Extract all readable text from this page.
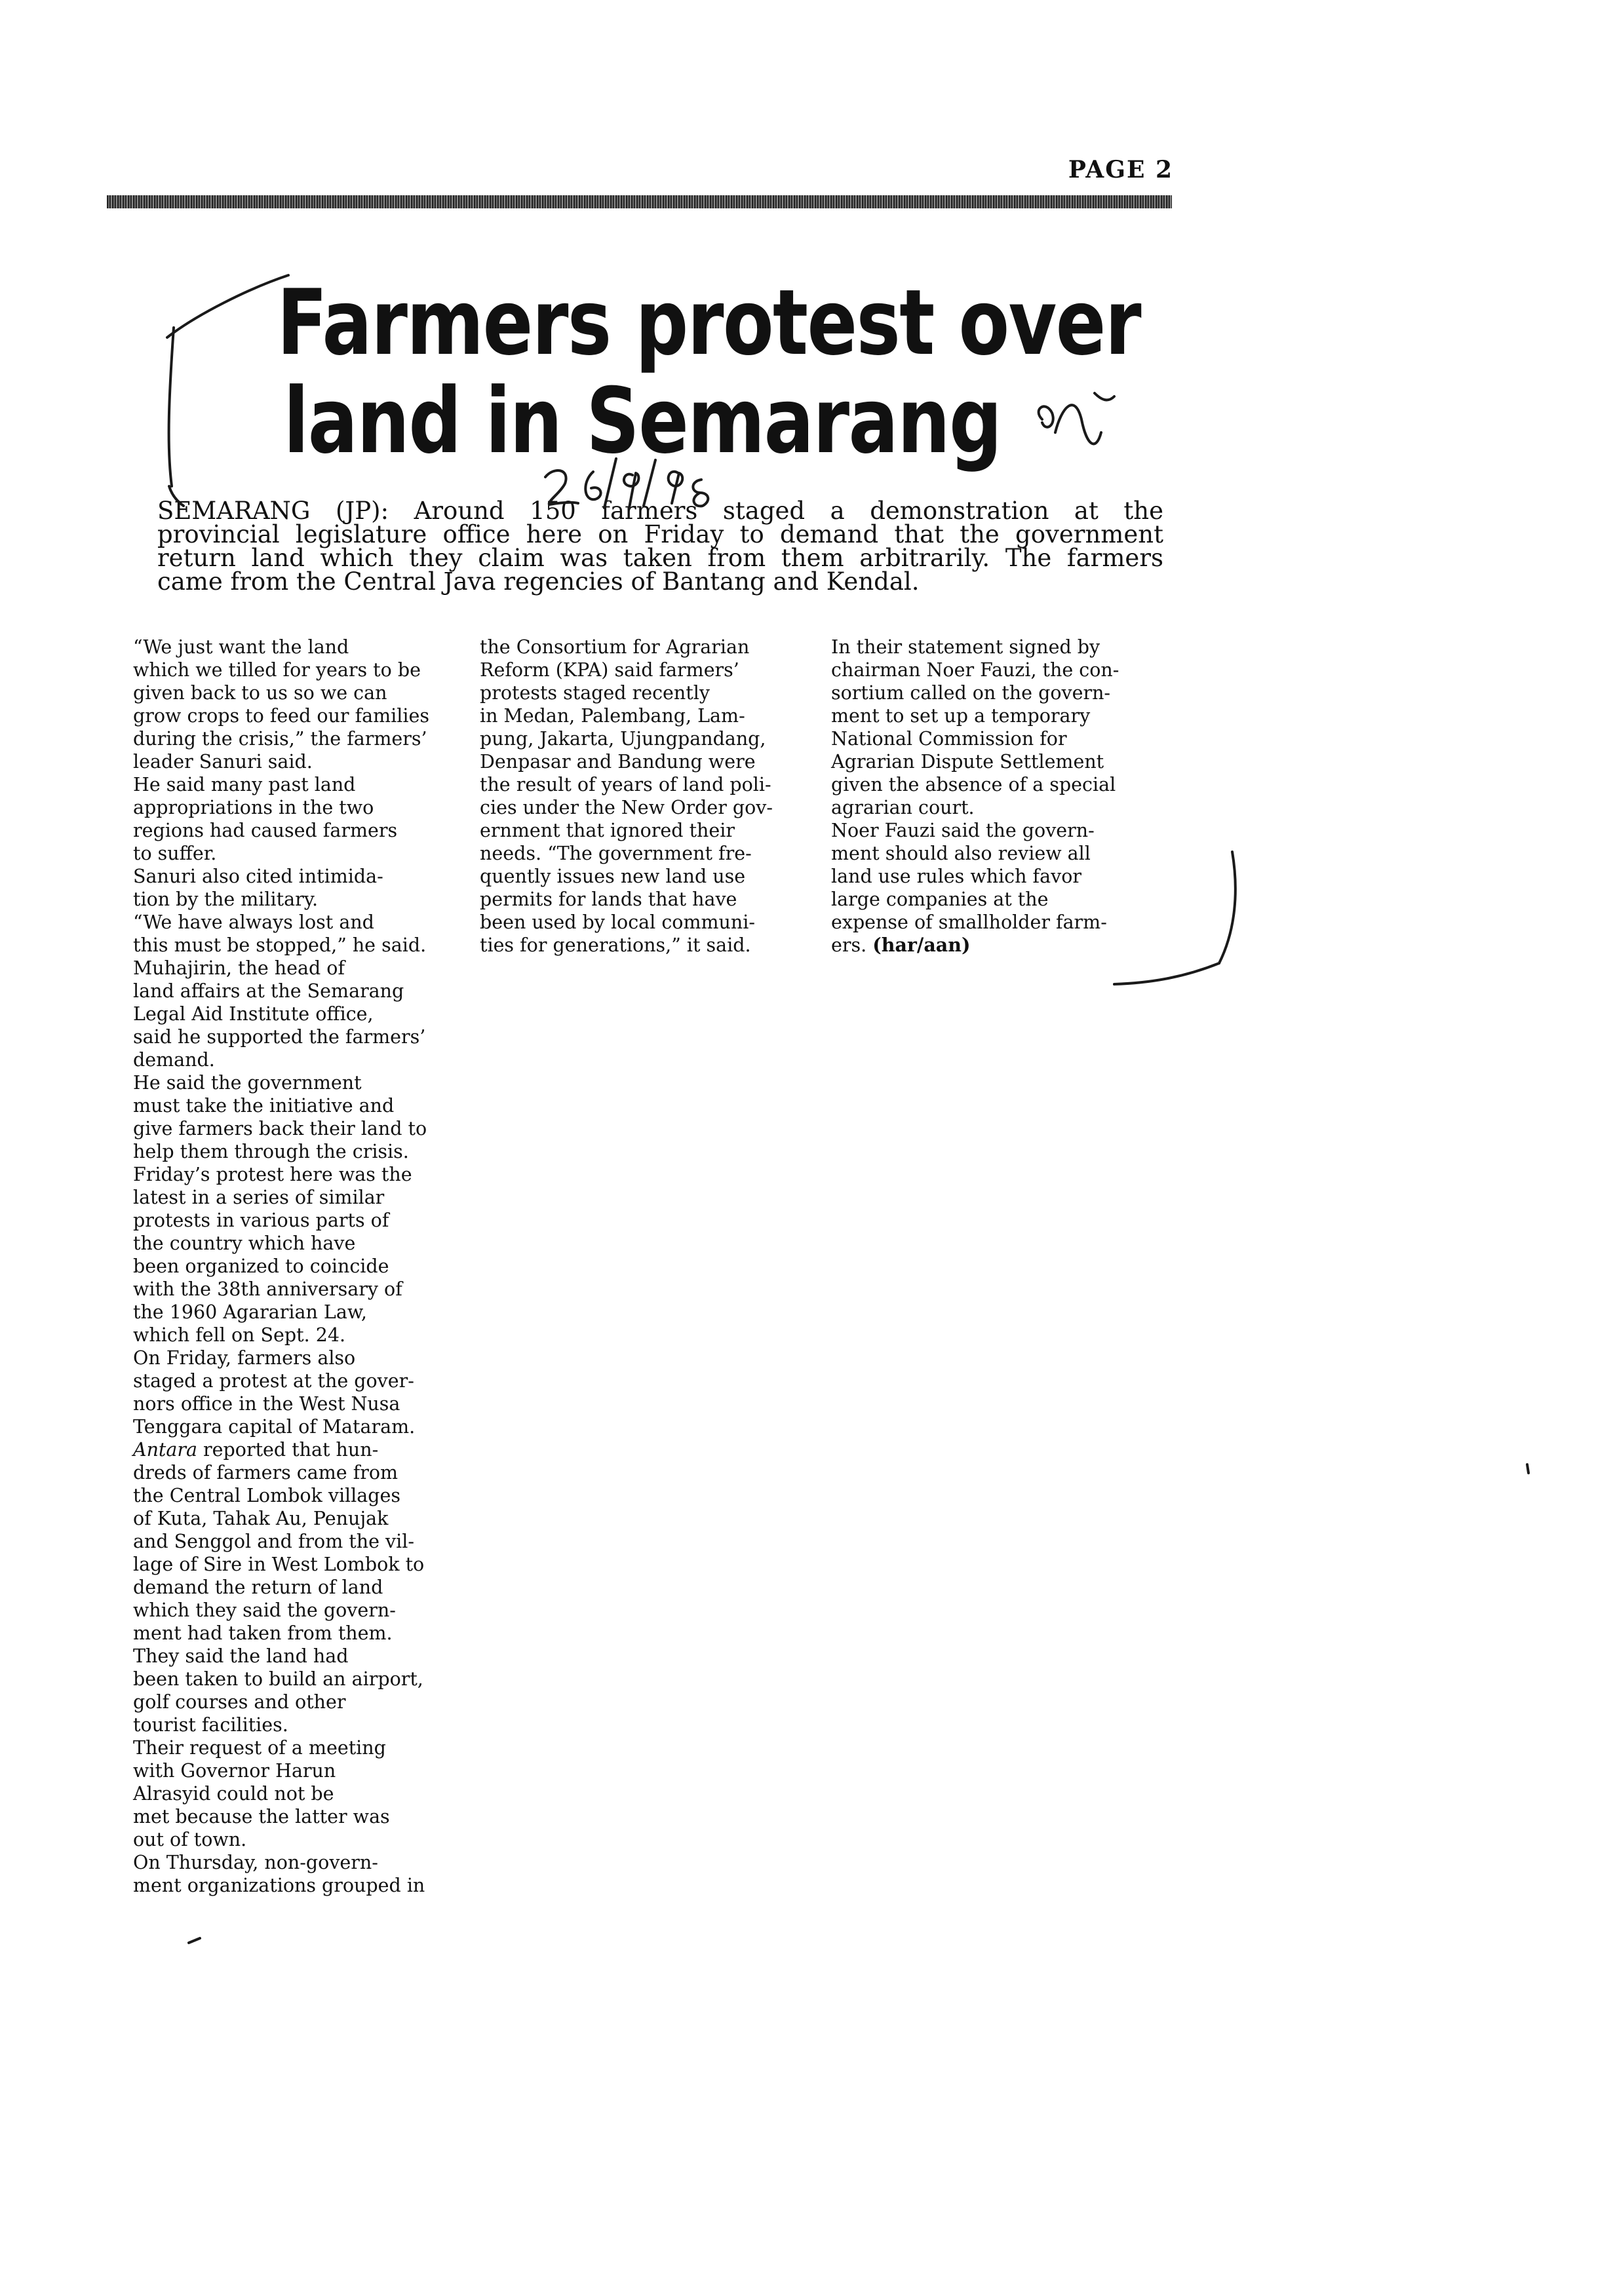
PAGE 2
Farmers protest over
land in Semarang

SEMARANG (JP): Around 150 farmers staged a demonstration at the
provincial legislature office here on Friday to demand that the government
return land which they claim was taken from them arbitrarily. The farmers
came from the Central Java regencies of Bantang and Kendal.

“We just want the land
which we tilled for years to be
given back to us so we can
grow crops to feed our families
during the crisis,” the farmers’
leader Sanuri said.
He said many past land
appropriations in the two
regions had caused farmers
to suffer.
Sanuri also cited intimida-
tion by the military.
“We have always lost and
this must be stopped,” he said.
Muhajirin, the head of
land affairs at the Semarang
Legal Aid Institute office,
said he supported the farmers’
demand.
He said the government
must take the initiative and
give farmers back their land to
help them through the crisis.
Friday’s protest here was the
latest in a series of similar
protests in various parts of
the country which have
been organized to coincide
with the 38th anniversary of
the 1960 Agararian Law,
which fell on Sept. 24.
On Friday, farmers also
staged a protest at the gover-
nors office in the West Nusa
Tenggara capital of Mataram.
Antara reported that hun-
dreds of farmers came from
the Central Lombok villages
of Kuta, Tahak Au, Penujak
and Senggol and from the vil-
lage of Sire in West Lombok to
demand the return of land
which they said the govern-
ment had taken from them.
They said the land had
been taken to build an airport,
golf courses and other
tourist facilities.
Their request of a meeting
with Governor Harun
Alrasyid could not be
met because the latter was
out of town.
On Thursday, non-govern-
ment organizations grouped in
the Consortium for Agrarian
Reform (KPA) said farmers’
protests staged recently
in Medan, Palembang, Lam-
pung, Jakarta, Ujungpandang,
Denpasar and Bandung were
the result of years of land poli-
cies under the New Order gov-
ernment that ignored their
needs. “The government fre-
quently issues new land use
permits for lands that have
been used by local communi-
ties for generations,” it said.
In their statement signed by
chairman Noer Fauzi, the con-
sortium called on the govern-
ment to set up a temporary
National Commission for
Agrarian Dispute Settlement
given the absence of a special
agrarian court.
Noer Fauzi said the govern-
ment should also review all
land use rules which favor
large companies at the
expense of smallholder farm-
ers. (har/aan)
